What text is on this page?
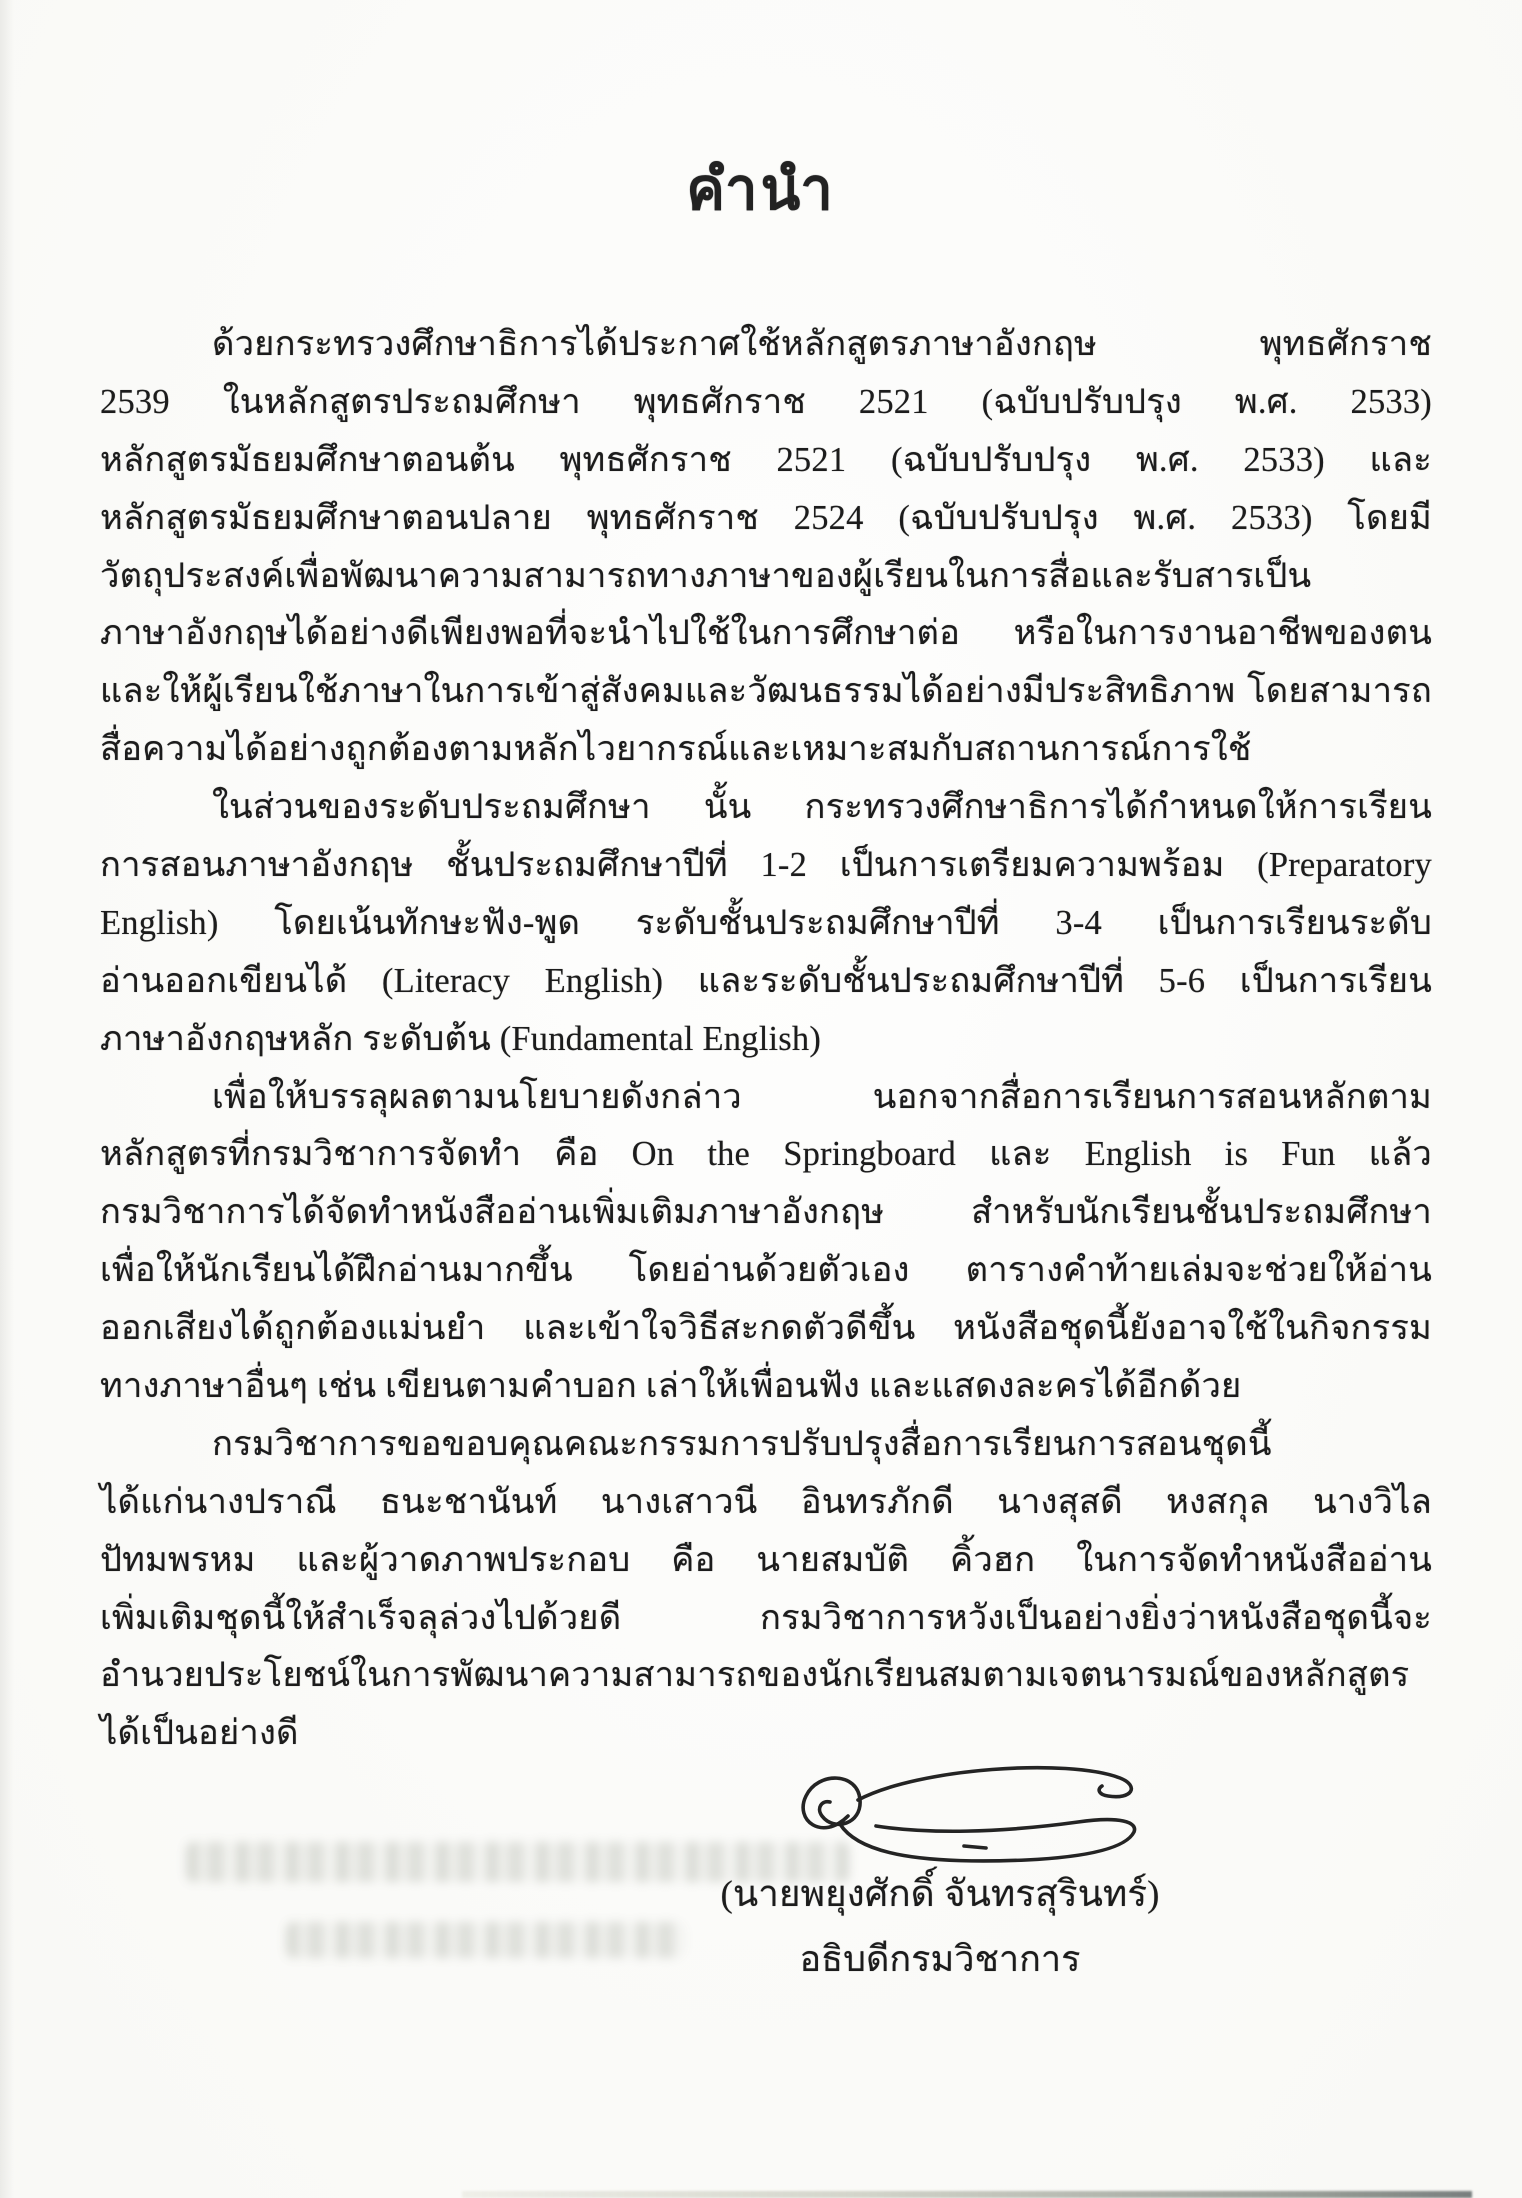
คำนำ
ด้วยกระทรวงศึกษาธิการได้ประกาศใช้หลักสูตรภาษาอังกฤษ พุทธศักราช
2539 ในหลักสูตรประถมศึกษา พุทธศักราช 2521 (ฉบับปรับปรุง พ.ศ. 2533)
หลักสูตรมัธยมศึกษาตอนต้น พุทธศักราช 2521 (ฉบับปรับปรุง พ.ศ. 2533) และ
หลักสูตรมัธยมศึกษาตอนปลาย พุทธศักราช 2524 (ฉบับปรับปรุง พ.ศ. 2533) โดยมี
วัตถุประสงค์เพื่อพัฒนาความสามารถทางภาษาของผู้เรียนในการสื่อและรับสารเป็น
ภาษาอังกฤษได้อย่างดีเพียงพอที่จะนำไปใช้ในการศึกษาต่อ หรือในการงานอาชีพของตน
และให้ผู้เรียนใช้ภาษาในการเข้าสู่สังคมและวัฒนธรรมได้อย่างมีประสิทธิภาพ โดยสามารถ
สื่อความได้อย่างถูกต้องตามหลักไวยากรณ์และเหมาะสมกับสถานการณ์การใช้
ในส่วนของระดับประถมศึกษา นั้น กระทรวงศึกษาธิการได้กำหนดให้การเรียน
การสอนภาษาอังกฤษ ชั้นประถมศึกษาปีที่ 1-2 เป็นการเตรียมความพร้อม (Preparatory
English) โดยเน้นทักษะฟัง-พูด ระดับชั้นประถมศึกษาปีที่ 3-4 เป็นการเรียนระดับ
อ่านออกเขียนได้ (Literacy English) และระดับชั้นประถมศึกษาปีที่ 5-6 เป็นการเรียน
ภาษาอังกฤษหลัก ระดับต้น (Fundamental English)
เพื่อให้บรรลุผลตามนโยบายดังกล่าว นอกจากสื่อการเรียนการสอนหลักตาม
หลักสูตรที่กรมวิชาการจัดทำ คือ On the Springboard และ English is Fun แล้ว
กรมวิชาการได้จัดทำหนังสืออ่านเพิ่มเติมภาษาอังกฤษ สำหรับนักเรียนชั้นประถมศึกษา
เพื่อให้นักเรียนได้ฝึกอ่านมากขึ้น โดยอ่านด้วยตัวเอง ตารางคำท้ายเล่มจะช่วยให้อ่าน
ออกเสียงได้ถูกต้องแม่นยำ และเข้าใจวิธีสะกดตัวดีขึ้น หนังสือชุดนี้ยังอาจใช้ในกิจกรรม
ทางภาษาอื่นๆ เช่น เขียนตามคำบอก เล่าให้เพื่อนฟัง และแสดงละครได้อีกด้วย
กรมวิชาการขอขอบคุณคณะกรรมการปรับปรุงสื่อการเรียนการสอนชุดนี้
ได้แก่นางปราณี ธนะชานันท์ นางเสาวนี อินทรภักดี นางสุสดี หงสกุล นางวิไล
ปัทมพรหม และผู้วาดภาพประกอบ คือ นายสมบัติ คิ้วฮก ในการจัดทำหนังสืออ่าน
เพิ่มเติมชุดนี้ให้สำเร็จลุล่วงไปด้วยดี กรมวิชาการหวังเป็นอย่างยิ่งว่าหนังสือชุดนี้จะ
อำนวยประโยชน์ในการพัฒนาความสามารถของนักเรียนสมตามเจตนารมณ์ของหลักสูตร
ได้เป็นอย่างดี
(นายพยุงศักดิ์ จันทรสุรินทร์)
อธิบดีกรมวิชาการ
